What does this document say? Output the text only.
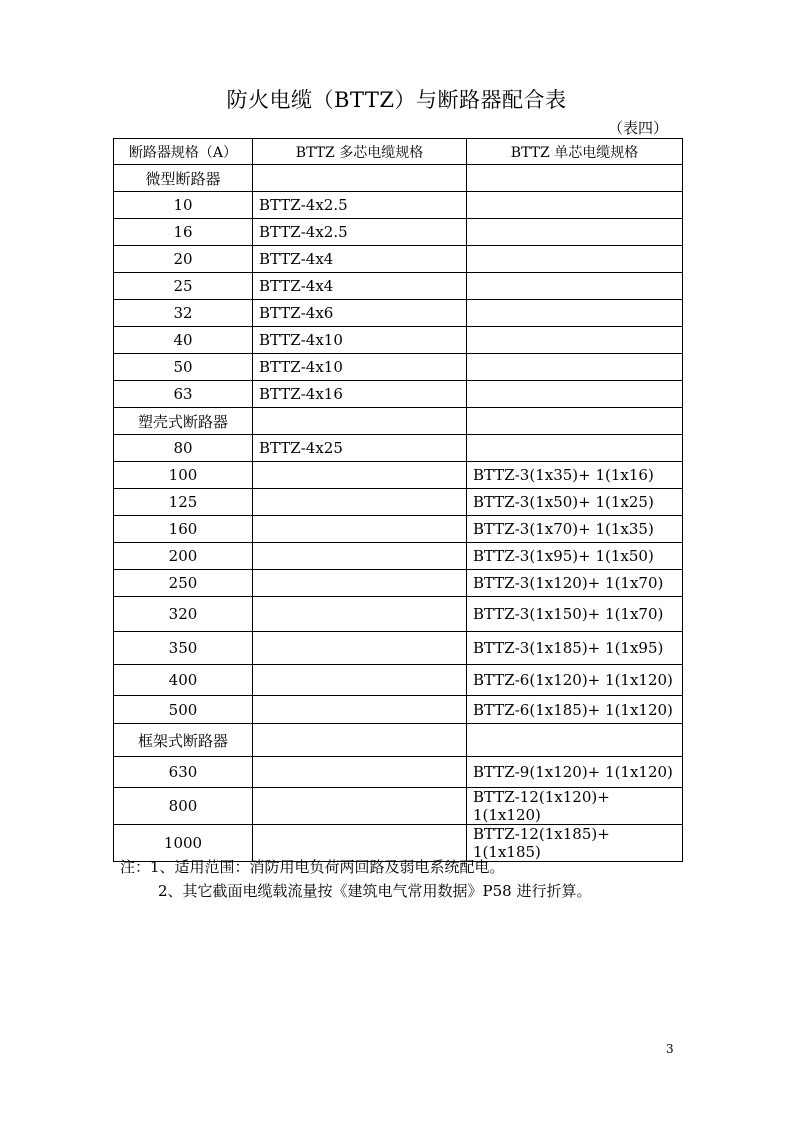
防火电缆（BTTZ）与断路器配合表
（表四）
断路器规格（A）	BTTZ 多芯电缆规格	BTTZ 单芯电缆规格
微型断路器		
10	BTTZ-4x2.5	
16	BTTZ-4x2.5	
20	BTTZ-4x4	
25	BTTZ-4x4	
32	BTTZ-4x6	
40	BTTZ-4x10	
50	BTTZ-4x10	
63	BTTZ-4x16	
塑壳式断路器		
80	BTTZ-4x25	
100		BTTZ-3(1x35)+ 1(1x16)
125		BTTZ-3(1x50)+ 1(1x25)
160		BTTZ-3(1x70)+ 1(1x35)
200		BTTZ-3(1x95)+ 1(1x50)
250		BTTZ-3(1x120)+ 1(1x70)
320		BTTZ-3(1x150)+ 1(1x70)
350		BTTZ-3(1x185)+ 1(1x95)
400		BTTZ-6(1x120)+ 1(1x120)
500		BTTZ-6(1x185)+ 1(1x120)
框架式断路器		
630		BTTZ-9(1x120)+ 1(1x120)
800		BTTZ-12(1x120)+ 1(1x120)
1000		BTTZ-12(1x185)+ 1(1x185)
注：1、适用范围：消防用电负荷两回路及弱电系统配电。
2、其它截面电缆载流量按《建筑电气常用数据》P58 进行折算。
3
